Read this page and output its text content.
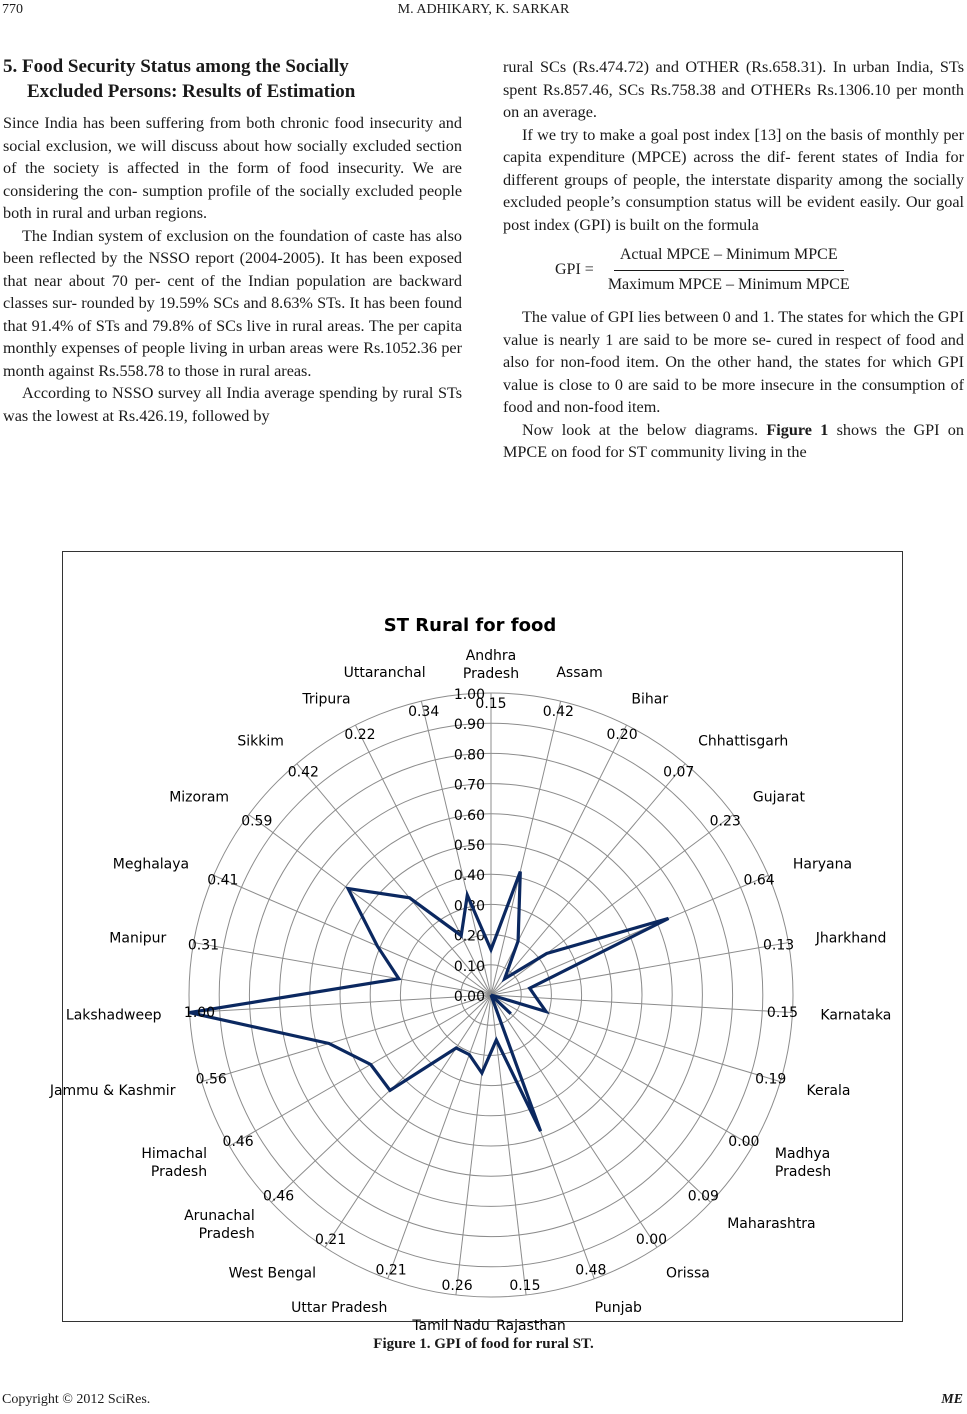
770	M. ADHIKARY, K. SARKAR
5. Food Security Status among the Socially
Excluded Persons: Results of Estimation

Since India has been suffering from both chronic food insecurity and social exclusion, we will discuss about how socially excluded section of the society is affected in the form of food insecurity. We are considering the con- sumption profile of the socially excluded people both in rural and urban regions.

The Indian system of exclusion on the foundation of caste has also been reflected by the NSSO report (2004-2005). It has been exposed that near about 70 per- cent of the Indian population are backward classes sur- rounded by 19.59% SCs and 8.63% STs. It has been found that 91.4% of STs and 79.8% of SCs live in rural areas. The per capita monthly expenses of people living in urban areas were Rs.1052.36 per month against Rs.558.78 to those in rural areas.

According to NSSO survey all India average spending by rural STs was the lowest at Rs.426.19, followed by

rural SCs (Rs.474.72) and OTHER (Rs.658.31). In urban India, STs spent Rs.857.46, SCs Rs.758.38 and OTHERs Rs.1306.10 per month on an average.

If we try to make a goal post index [13] on the basis of monthly per capita expenditure (MPCE) across the dif- ferent states of India for different groups of people, the interstate disparity among the socially excluded people’s consumption status will be evident easily. Our goal post index (GPI) is built on the formula

GPI = $\frac{\text{Actual MPCE – Minimum MPCE}}{\text{Maximum MPCE – Minimum MPCE}}$

The value of GPI lies between 0 and 1. The states for which the GPI value is nearly 1 are said to be more se- cured in respect of food and also for non-food item. On the other hand, the states for which GPI value is close to 0 are said to be more insecure in the consumption of food and non-food item.

Now look at the below diagrams. Figure 1 shows the GPI on MPCE on food for ST community living in the

ST Rural for food
0.00
0.10
0.20
0.30
0.40
0.50
0.60
0.70
0.80
0.90
1.00
0.15
Andhra Pradesh
0.42
Assam
0.20
Bihar
0.07
Chhattisgarh
0.23
Gujarat
0.64
Haryana
0.13 Jharkhand
0.15 Karnataka
0.19
Kerala
0.00
Madhya Pradesh
0.09
Maharashtra
0.00
Orissa
0.48
Punjab
0.15
Rajasthan
0.26
Tamil Nadu
0.21
Uttar Pradesh
0.21
West Bengal
0.46
Arunachal Pradesh
0.46
Himachal Pradesh
0.56
Jammu & Kashmir
1.00
Lakshadweep
0.31
Manipur
0.41
Meghalaya
0.59
Mizoram
0.42
Sikkim	0.22
Tripura
0.34
Uttaranchal
Figure 1. GPI of food for rural ST.
Copyright © 2012 SciRes.	ME
